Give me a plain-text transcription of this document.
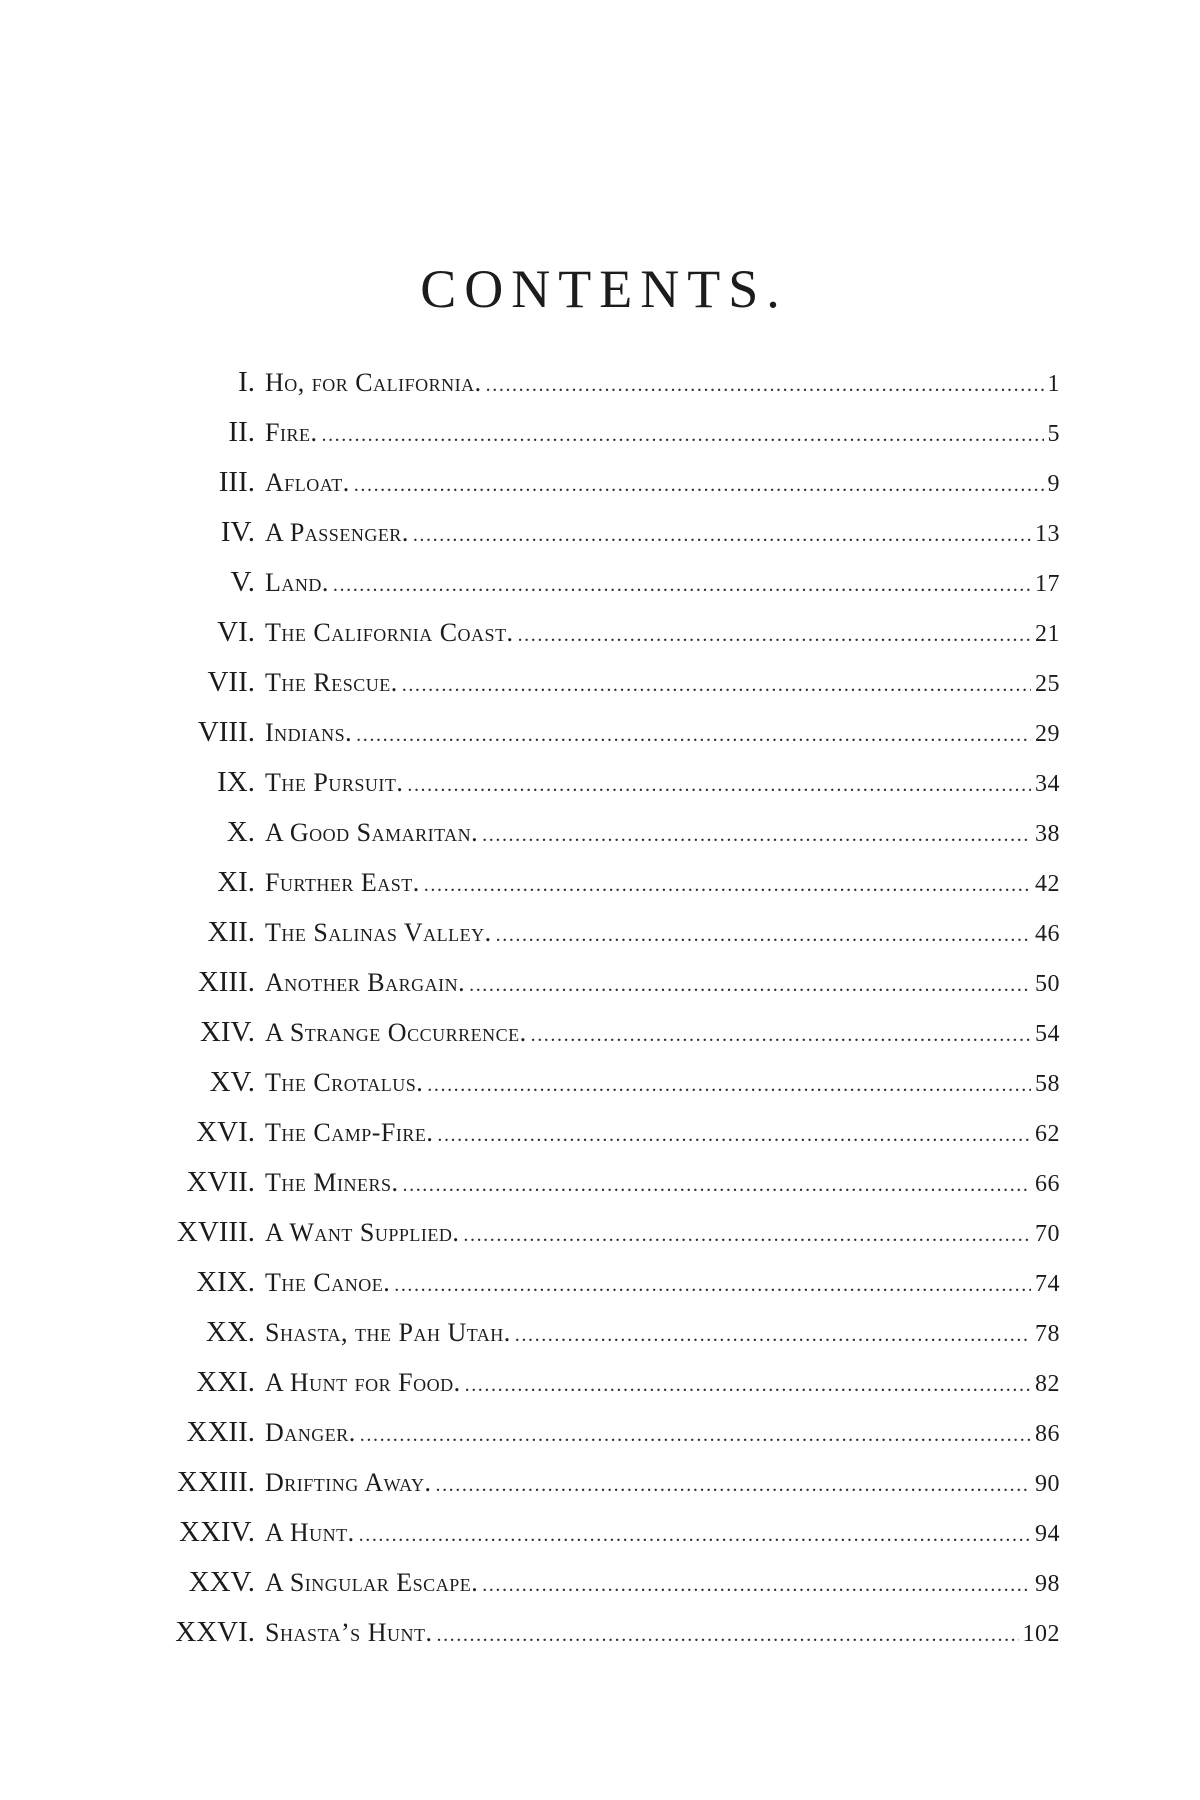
CONTENTS.
I. Ho, for California. .....	1
II. Fire. .....	5
III. Afloat. .....	9
IV. A Passenger. .....	13
V. Land. .....	17
VI. The California Coast. .....	21
VII. The Rescue. .....	25
VIII. Indians. .....	29
IX. The Pursuit. .....	34
X. A Good Samaritan. .....	38
XI. Further East. .....	42
XII. The Salinas Valley. .....	46
XIII. Another Bargain. .....	50
XIV. A Strange Occurrence. .....	54
XV. The Crotalus. .....	58
XVI. The Camp-Fire. .....	62
XVII. The Miners. .....	66
XVIII. A Want Supplied. .....	70
XIX. The Canoe. .....	74
XX. Shasta, the Pah Utah. .....	78
XXI. A Hunt for Food. .....	82
XXII. Danger. .....	86
XXIII. Drifting Away. .....	90
XXIV. A Hunt. .....	94
XXV. A Singular Escape. .....	98
XXVI. Shasta’s Hunt. .....	102
